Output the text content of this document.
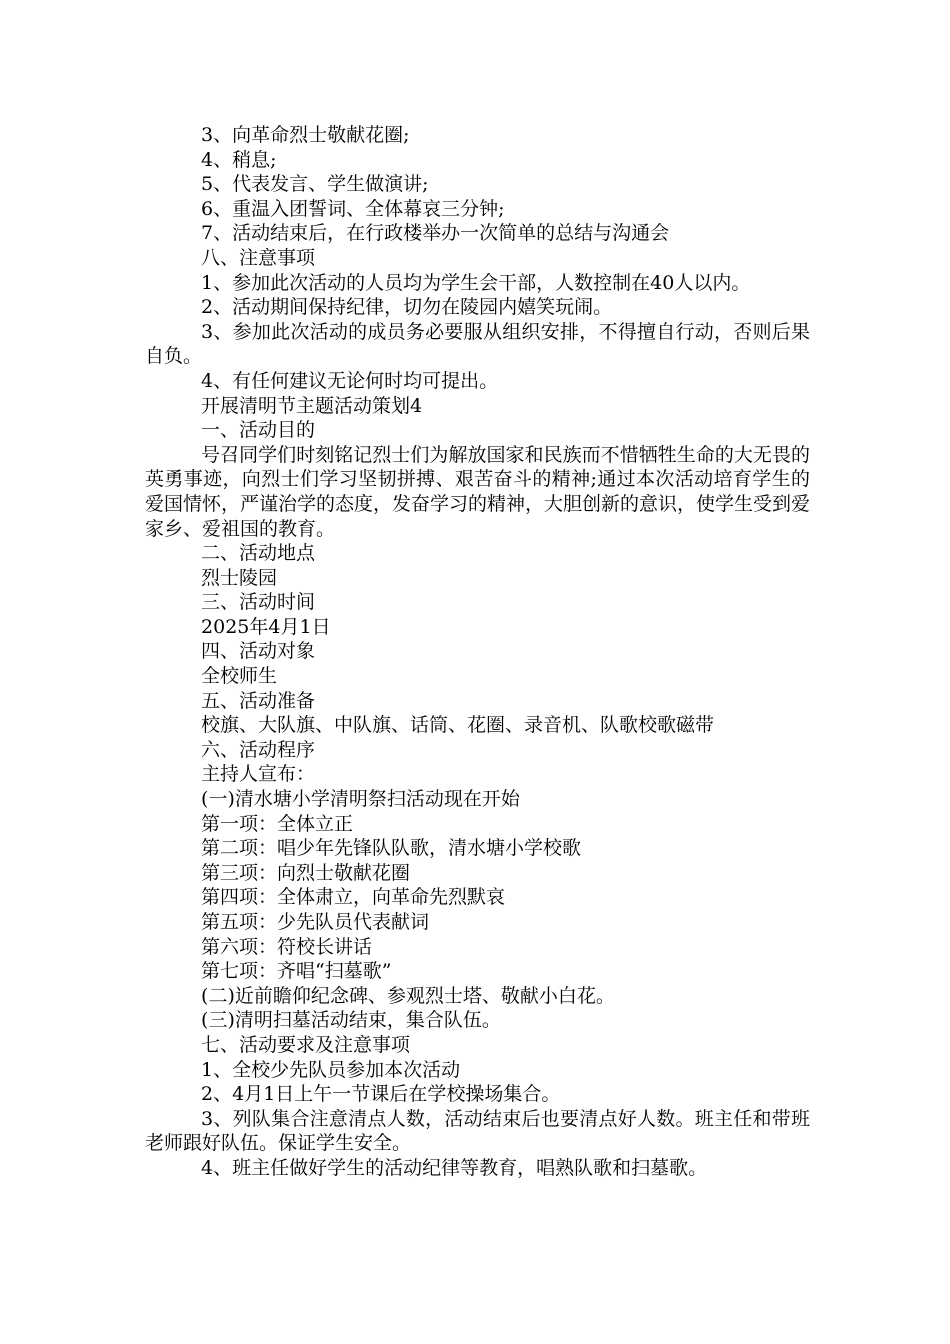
3、向革命烈士敬献花圈;

4、稍息;

5、代表发言、学生做演讲;

6、重温入团誓词、全体幕哀三分钟;

7、活动结束后，在行政楼举办一次简单的总结与沟通会

八、注意事项

1、参加此次活动的人员均为学生会干部，人数控制在40人以内。

2、活动期间保持纪律，切勿在陵园内嬉笑玩闹。

3、参加此次活动的成员务必要服从组织安排，不得擅自行动，否则后果自负。

4、有任何建议无论何时均可提出。

开展清明节主题活动策划4

一、活动目的

号召同学们时刻铭记烈士们为解放国家和民族而不惜牺牲生命的大无畏的英勇事迹，向烈士们学习坚韧拼搏、艰苦奋斗的精神;通过本次活动培育学生的爱国情怀，严谨治学的态度，发奋学习的精神，大胆创新的意识，使学生受到爱家乡、爱祖国的教育。

二、活动地点

烈士陵园

三、活动时间

2025年4月1日

四、活动对象

全校师生

五、活动准备

校旗、大队旗、中队旗、话筒、花圈、录音机、队歌校歌磁带

六、活动程序

主持人宣布：

(一)清水塘小学清明祭扫活动现在开始

第一项：全体立正

第二项：唱少年先锋队队歌，清水塘小学校歌

第三项：向烈士敬献花圈

第四项：全体肃立，向革命先烈默哀

第五项：少先队员代表献词

第六项：符校长讲话

第七项：齐唱“扫墓歌”

(二)近前瞻仰纪念碑、参观烈士塔、敬献小白花。

(三)清明扫墓活动结束，集合队伍。

七、活动要求及注意事项

1、全校少先队员参加本次活动

2、4月1日上午一节课后在学校操场集合。

3、列队集合注意清点人数，活动结束后也要清点好人数。班主任和带班老师跟好队伍。保证学生安全。

4、班主任做好学生的活动纪律等教育，唱熟队歌和扫墓歌。
